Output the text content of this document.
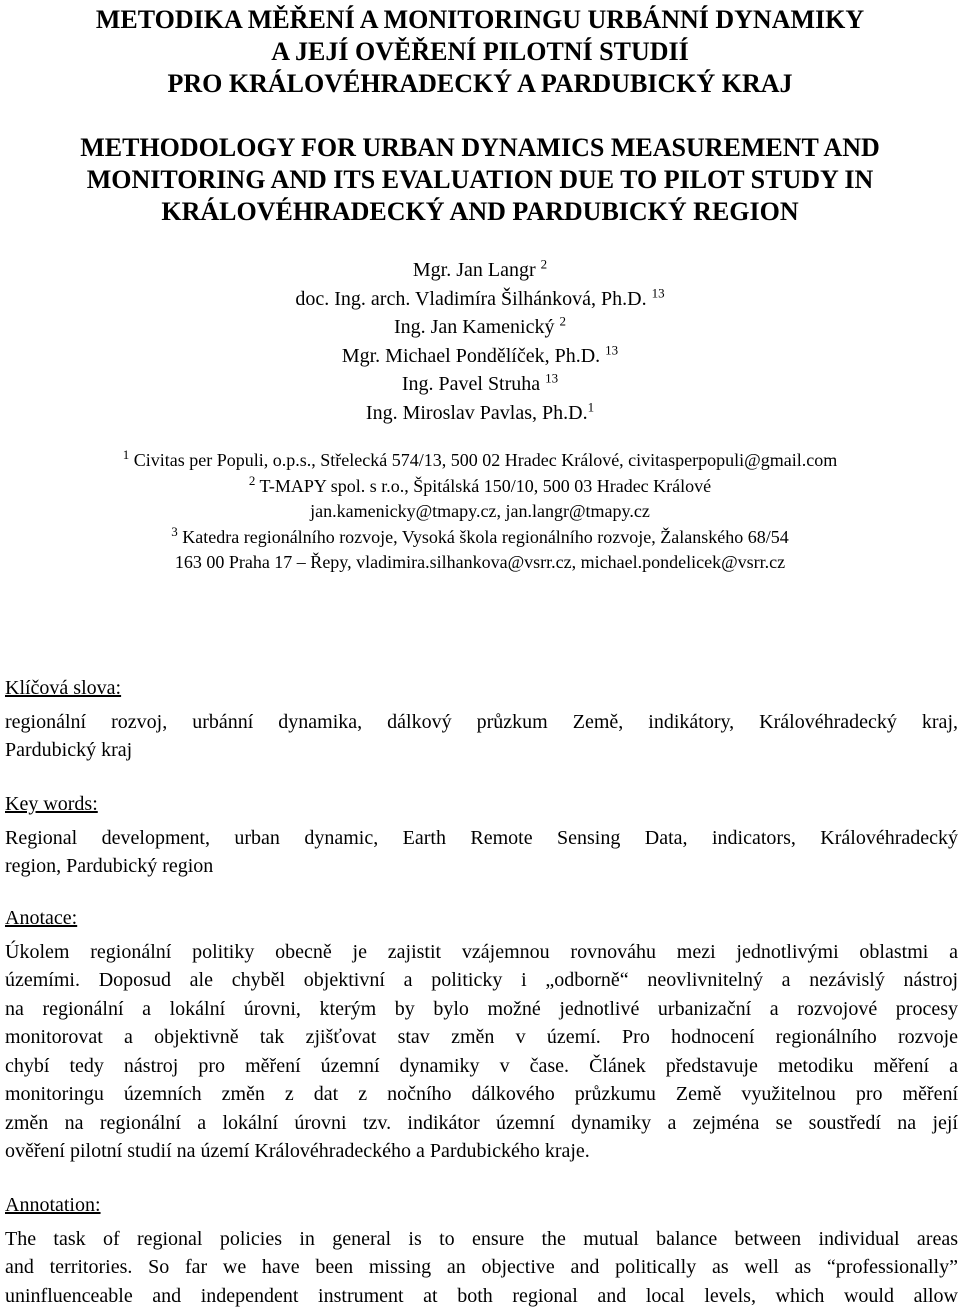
METODIKA MĚŘENÍ A MONITORINGU URBÁNNÍ DYNAMIKY
A JEJÍ OVĚŘENÍ PILOTNÍ STUDIÍ
PRO KRÁLOVÉHRADECKÝ A PARDUBICKÝ KRAJ
METHODOLOGY FOR URBAN DYNAMICS MEASUREMENT AND
MONITORING AND ITS EVALUATION DUE TO PILOT STUDY IN
KRÁLOVÉHRADECKÝ AND PARDUBICKÝ REGION
Mgr. Jan Langr $^2$
doc. Ing. arch. Vladimíra Šilhánková, Ph.D. $^{13}$
Ing. Jan Kamenický $^2$
Mgr. Michael Pondělíček, Ph.D. $^{13}$
Ing. Pavel Struha $^{13}$
Ing. Miroslav Pavlas, Ph.D.$^1$
$^1$ Civitas per Populi, o.p.s., Střelecká 574/13, 500 02 Hradec Králové, civitasperpopuli@gmail.com
$^2$ T-MAPY spol. s r.o., Špitálská 150/10, 500 03 Hradec Králové
jan.kamenicky@tmapy.cz, jan.langr@tmapy.cz
$^3$ Katedra regionálního rozvoje, Vysoká škola regionálního rozvoje, Žalanského 68/54
163 00 Praha 17 – Řepy, vladimira.silhankova@vsrr.cz, michael.pondelicek@vsrr.cz
Klíčová slova:
regionální rozvoj, urbánní dynamika, dálkový průzkum Země, indikátory, Královéhradecký kraj,
Pardubický kraj
Key words:
Regional development, urban dynamic, Earth Remote Sensing Data, indicators, Královéhradecký
region, Pardubický region
Anotace:
Úkolem regionální politiky obecně je zajistit vzájemnou rovnováhu mezi jednotlivými oblastmi a
územími. Doposud ale chyběl objektivní a politicky i „odborně“ neovlivnitelný a nezávislý nástroj
na regionální a lokální úrovni, kterým by bylo možné jednotlivé urbanizační a rozvojové procesy
monitorovat a objektivně tak zjišťovat stav změn v území. Pro hodnocení regionálního rozvoje
chybí tedy nástroj pro měření územní dynamiky v čase. Článek představuje metodiku měření a
monitoringu územních změn z dat z nočního dálkového průzkumu Země využitelnou pro měření
změn na regionální a lokální úrovni tzv. indikátor územní dynamiky a zejména se soustředí na její
ověření pilotní studií na území Královéhradeckého a Pardubického kraje.
Annotation:
The task of regional policies in general is to ensure the mutual balance between individual areas
and territories. So far we have been missing an objective and politically as well as “professionally”
uninfluenceable and independent instrument at both regional and local levels, which would allow
